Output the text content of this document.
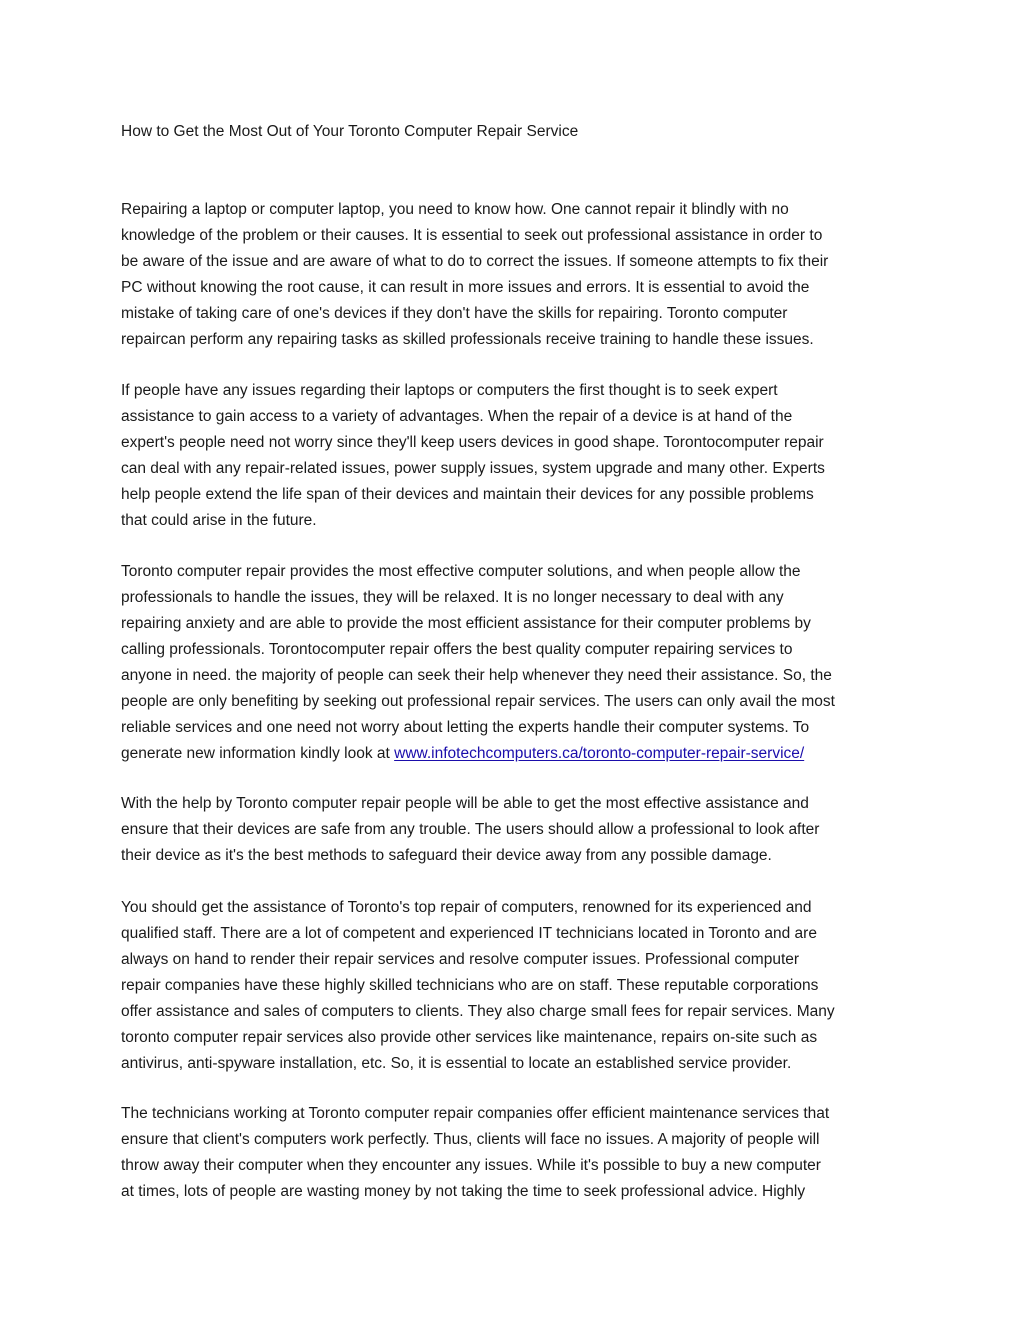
How to Get the Most Out of Your Toronto Computer Repair Service
Repairing a laptop or computer laptop, you need to know how. One cannot repair it blindly with no
knowledge of the problem or their causes. It is essential to seek out professional assistance in order to
be aware of the issue and are aware of what to do to correct the issues. If someone attempts to fix their
PC without knowing the root cause, it can result in more issues and errors. It is essential to avoid the
mistake of taking care of one's devices if they don't have the skills for repairing. Toronto computer
repaircan perform any repairing tasks as skilled professionals receive training to handle these issues.
If people have any issues regarding their laptops or computers the first thought is to seek expert
assistance to gain access to a variety of advantages. When the repair of a device is at hand of the
expert's people need not worry since they'll keep users devices in good shape. Torontocomputer repair
can deal with any repair-related issues, power supply issues, system upgrade and many other. Experts
help people extend the life span of their devices and maintain their devices for any possible problems
that could arise in the future.
Toronto computer repair provides the most effective computer solutions, and when people allow the
professionals to handle the issues, they will be relaxed. It is no longer necessary to deal with any
repairing anxiety and are able to provide the most efficient assistance for their computer problems by
calling professionals. Torontocomputer repair offers the best quality computer repairing services to
anyone in need. the majority of people can seek their help whenever they need their assistance. So, the
people are only benefiting by seeking out professional repair services. The users can only avail the most
reliable services and one need not worry about letting the experts handle their computer systems. To
generate new information kindly look at www.infotechcomputers.ca/toronto-computer-repair-service/
With the help by Toronto computer repair people will be able to get the most effective assistance and
ensure that their devices are safe from any trouble. The users should allow a professional to look after
their device as it's the best methods to safeguard their device away from any possible damage.
You should get the assistance of Toronto's top repair of computers, renowned for its experienced and
qualified staff. There are a lot of competent and experienced IT technicians located in Toronto and are
always on hand to render their repair services and resolve computer issues. Professional computer
repair companies have these highly skilled technicians who are on staff. These reputable corporations
offer assistance and sales of computers to clients. They also charge small fees for repair services. Many
toronto computer repair services also provide other services like maintenance, repairs on-site such as
antivirus, anti-spyware installation, etc. So, it is essential to locate an established service provider.
The technicians working at Toronto computer repair companies offer efficient maintenance services that
ensure that client's computers work perfectly. Thus, clients will face no issues. A majority of people will
throw away their computer when they encounter any issues. While it's possible to buy a new computer
at times, lots of people are wasting money by not taking the time to seek professional advice. Highly
